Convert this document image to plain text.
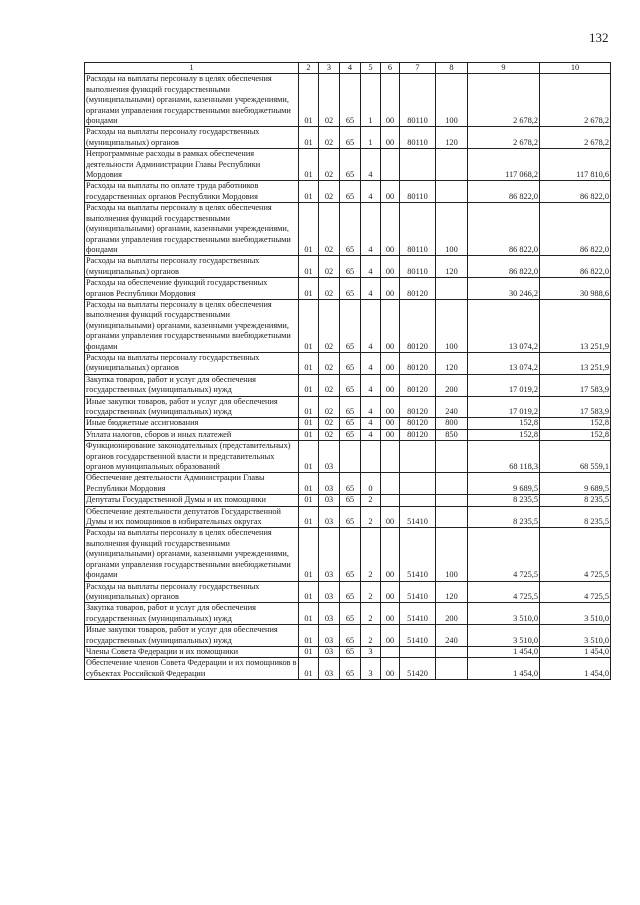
132
1	2	3	4	5	6	7	8	9	10
Расходы на выплаты персоналу в целях обеспечения выполнения функций государственными (муниципальными) органами, казенными учреждениями, органами управления государственными внебюджетными фондами	01	02	65	1	00	80110	100	2 678,2	2 678,2
Расходы на выплаты персоналу государственных (муниципальных) органов	01	02	65	1	00	80110	120	2 678,2	2 678,2
Непрограммные расходы в рамках обеспечения деятельности Администрации Главы Республики Мордовия	01	02	65	4				117 068,2	117 810,6
Расходы на выплаты по оплате труда работников государственных органов Республики Мордовия	01	02	65	4	00	80110		86 822,0	86 822,0
Расходы на выплаты персоналу в целях обеспечения выполнения функций государственными (муниципальными) органами, казенными учреждениями, органами управления государственными внебюджетными фондами	01	02	65	4	00	80110	100	86 822,0	86 822,0
Расходы на выплаты персоналу государственных (муниципальных) органов	01	02	65	4	00	80110	120	86 822,0	86 822,0
Расходы на обеспечение функций государственных органов Республики Мордовия	01	02	65	4	00	80120		30 246,2	30 988,6
Расходы на выплаты персоналу в целях обеспечения выполнения функций государственными (муниципальными) органами, казенными учреждениями, органами управления государственными внебюджетными фондами	01	02	65	4	00	80120	100	13 074,2	13 251,9
Расходы на выплаты персоналу государственных (муниципальных) органов	01	02	65	4	00	80120	120	13 074,2	13 251,9
Закупка товаров, работ и услуг для обеспечения государственных (муниципальных) нужд	01	02	65	4	00	80120	200	17 019,2	17 583,9
Иные закупки товаров, работ и услуг для обеспечения государственных (муниципальных) нужд	01	02	65	4	00	80120	240	17 019,2	17 583,9
Иные бюджетные ассигнования	01	02	65	4	00	80120	800	152,8	152,8
Уплата налогов, сборов и иных платежей	01	02	65	4	00	80120	850	152,8	152,8
Функционирование законодательных (представительных) органов государственной власти и представительных органов муниципальных образований	01	03						68 118,3	68 559,1
Обеспечение деятельности Администрации Главы Республики Мордовия	01	03	65	0				9 689,5	9 689,5
Депутаты Государственной Думы и их помощники	01	03	65	2				8 235,5	8 235,5
Обеспечение деятельности депутатов Государственной Думы и их помощников в избирательных округах	01	03	65	2	00	51410		8 235,5	8 235,5
Расходы на выплаты персоналу в целях обеспечения выполнения функций государственными (муниципальными) органами, казенными учреждениями, органами управления государственными внебюджетными фондами	01	03	65	2	00	51410	100	4 725,5	4 725,5
Расходы на выплаты персоналу государственных (муниципальных) органов	01	03	65	2	00	51410	120	4 725,5	4 725,5
Закупка товаров, работ и услуг для обеспечения государственных (муниципальных) нужд	01	03	65	2	00	51410	200	3 510,0	3 510,0
Иные закупки товаров, работ и услуг для обеспечения государственных (муниципальных) нужд	01	03	65	2	00	51410	240	3 510,0	3 510,0
Члены Совета Федерации и их помощники	01	03	65	3				1 454,0	1 454,0
Обеспечение членов Совета Федерации и их помощников в субъектах Российской Федерации	01	03	65	3	00	51420		1 454,0	1 454,0
